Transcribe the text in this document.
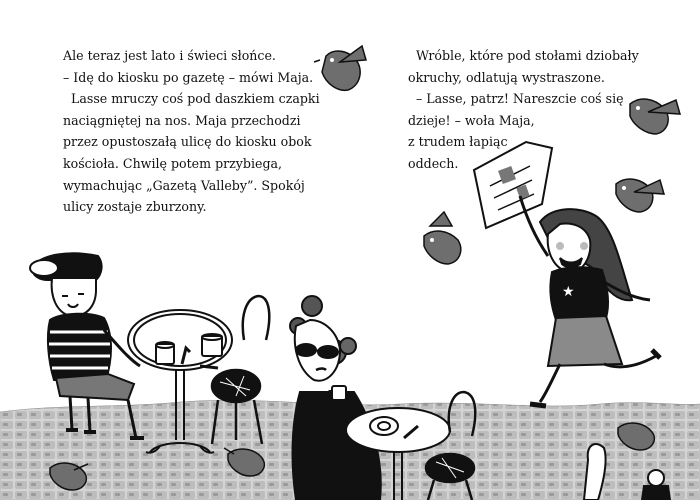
Ale teraz jest lato i świeci słońce.

– Idę do kiosku po gazetę – mówi Maja.

Lasse mruczy coś pod daszkiem czapki

naciągniętej na nos. Maja przechodzi

przez opustoszałą ulicę do kiosku obok

kościoła. Chwilę potem przybiega,

wymachując „Gazetą Valleby”. Spokój

ulicy zostaje zburzony.

Wróble, które pod stołami dziobały

okruchy, odlatują wystraszone.

– Lasse, patrz! Nareszcie coś się

dzieje! – woła Maja,

z trudem łapiąc

oddech.

★
